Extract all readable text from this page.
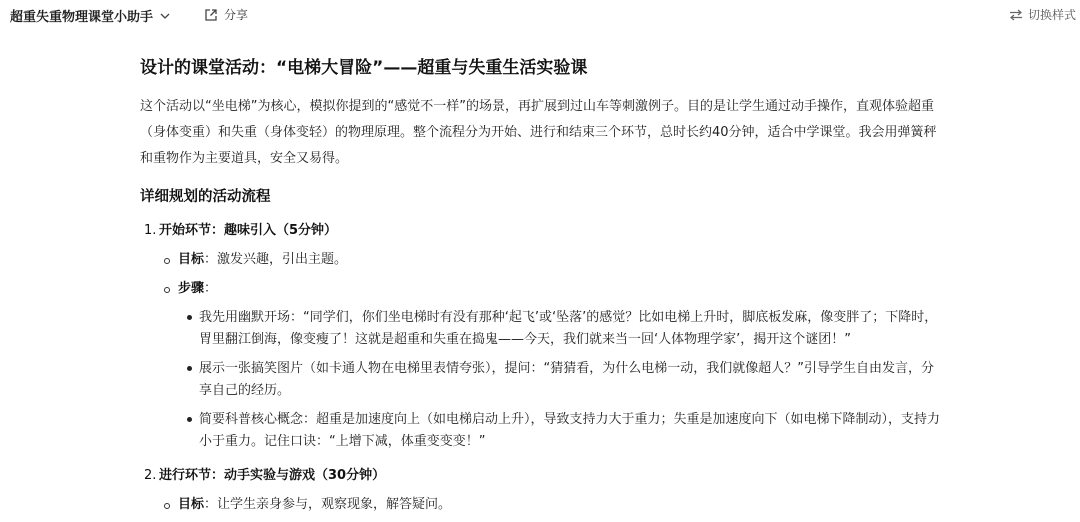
超重失重物理课堂小助手	分享	切换样式
设计的课堂活动：“电梯大冒险”——超重与失重生活实验课

这个活动以“坐电梯”为核心，模拟你提到的“感觉不一样”的场景，再扩展到过山车等刺激例子。目的是让学生通过动手操作，直观体验超重（身体变重）和失重（身体变轻）的物理原理。整个流程分为开始、进行和结束三个环节，总时长约40分钟，适合中学课堂。我会用弹簧秤和重物作为主要道具，安全又易得。

详细规划的活动流程
1. 开始环节：趣味引入（5分钟）
目标：激发兴趣，引出主题。
步骤：
我先用幽默开场：“同学们，你们坐电梯时有没有那种‘起飞’或‘坠落’的感觉？比如电梯上升时，脚底板发麻，像变胖了；下降时，胃里翻江倒海，像变瘦了！这就是超重和失重在捣鬼——今天，我们就来当一回‘人体物理学家’，揭开这个谜团！”
展示一张搞笑图片（如卡通人物在电梯里表情夸张），提问：“猜猜看，为什么电梯一动，我们就像超人？”引导学生自由发言，分享自己的经历。
简要科普核心概念：超重是加速度向上（如电梯启动上升），导致支持力大于重力；失重是加速度向下（如电梯下降制动），支持力小于重力。记住口诀：“上增下减，体重变变变！”
2. 进行环节：动手实验与游戏（30分钟）
目标：让学生亲身参与，观察现象，解答疑问。
